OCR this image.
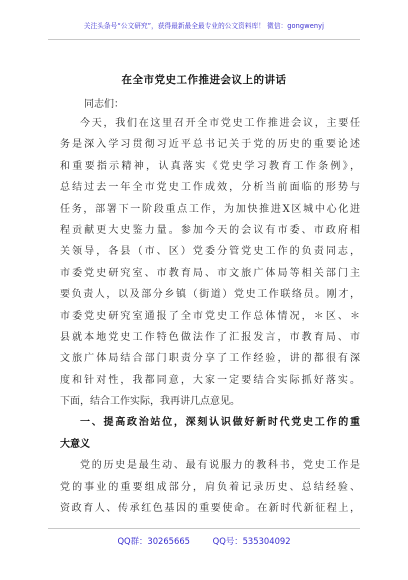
关注头条号“公文研究”，获得最新最全最专业的公文资料库！ 微信：gongwenyj
在全市党史工作推进会议上的讲话
同志们：
今天，我们在这里召开全市党史工作推进会议，主要任
务是深入学习贯彻习近平总书记关于党的历史的重要论述
和重要指示精神，认真落实《党史学习教育工作条例》，
总结过去一年全市党史工作成效，分析当前面临的形势与
任务，部署下一阶段重点工作，为加快推进X区城中心化进
程贡献更大史鉴力量。参加今天的会议有市委、市政府相
关领导，各县（市、区）党委分管党史工作的负责同志，
市委党史研究室、市教育局、市文旅广体局等相关部门主
要负责人，以及部分乡镇（街道）党史工作联络员。刚才，
市委党史研究室通报了全市党史工作总体情况，＊区、＊
县就本地党史工作特色做法作了汇报发言，市教育局、市
文旅广体局结合部门职责分享了工作经验，讲的都很有深
度和针对性，我都同意，大家一定要结合实际抓好落实。
下面，结合工作实际，我再讲几点意见。
一、提高政治站位，深刻认识做好新时代党史工作的重
大意义
党的历史是最生动、最有说服力的教科书，党史工作是
党的事业的重要组成部分，肩负着记录历史、总结经验、
资政育人、传承红色基因的重要使命。在新时代新征程上，
QQ群：30265665	QQ号：535304092
